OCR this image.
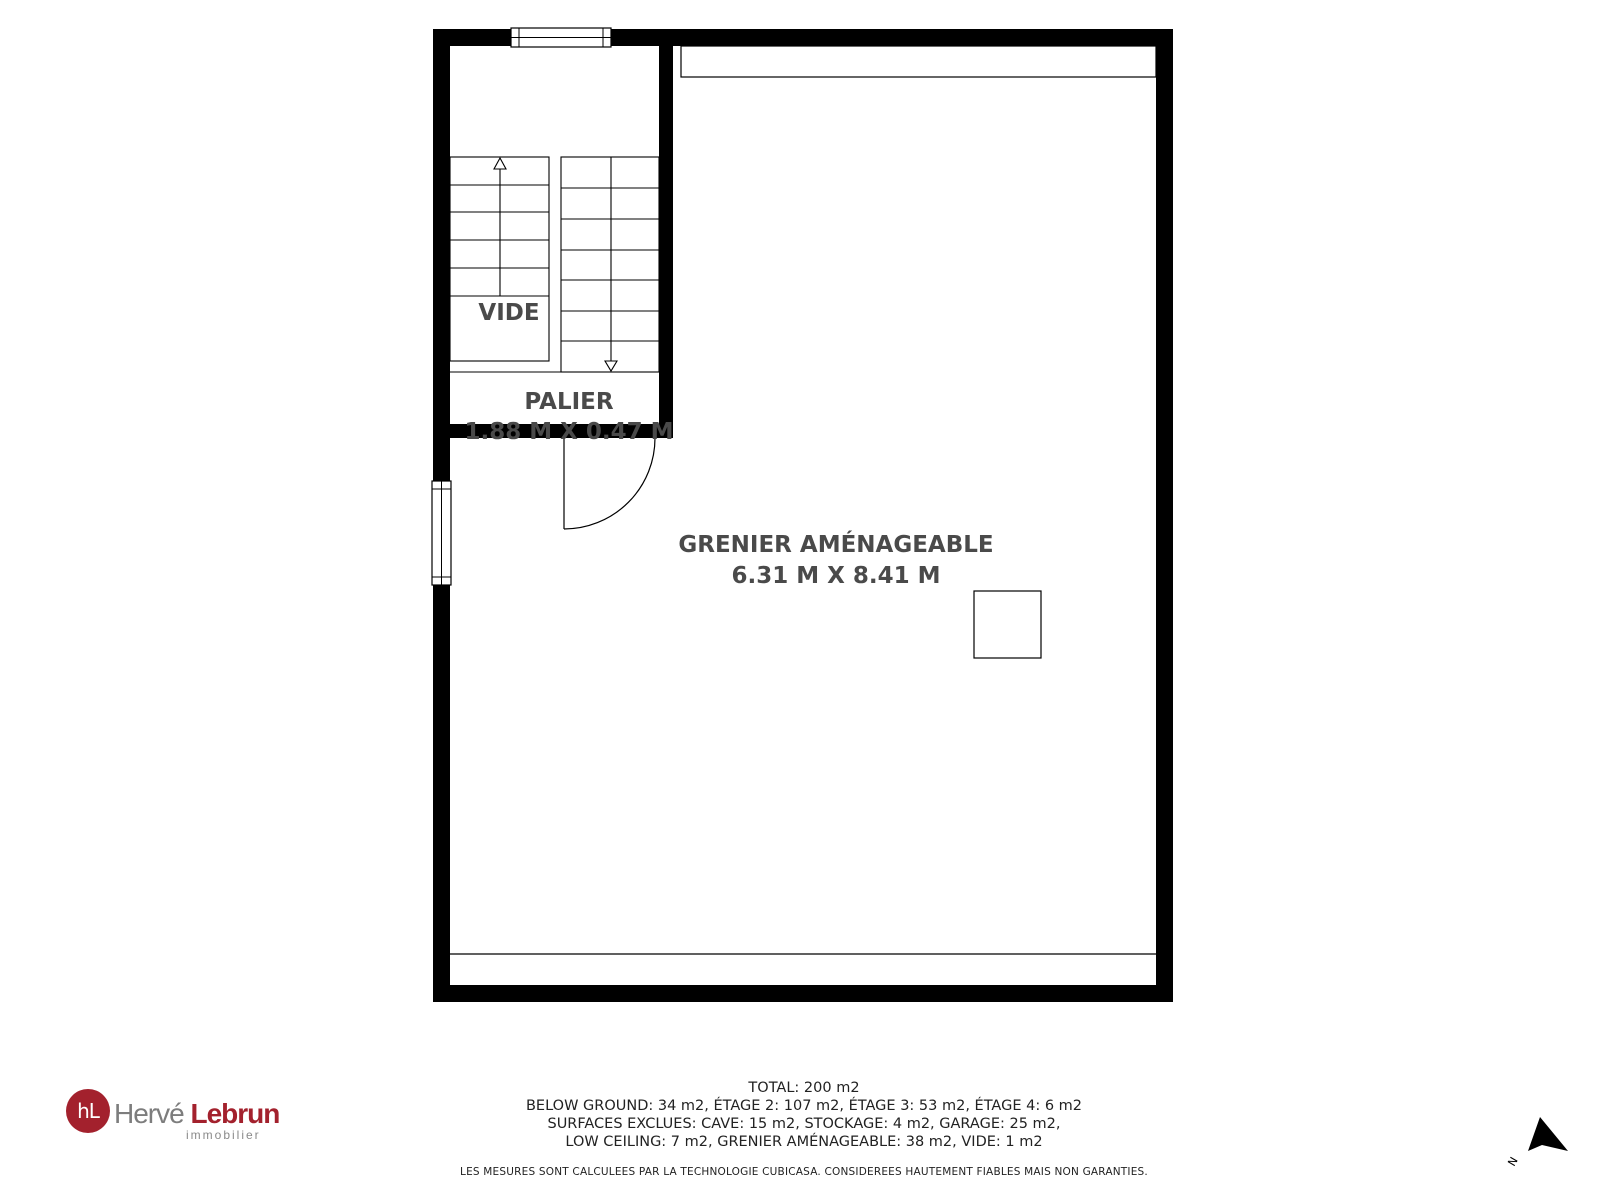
VIDE
PALIER
1.88 M X 0.47 M
GRENIER AMÉNAGEABLE
6.31 M X 8.41 M
TOTAL: 200 m2
BELOW GROUND: 34 m2, ÉTAGE 2: 107 m2, ÉTAGE 3: 53 m2, ÉTAGE 4: 6 m2
SURFACES EXCLUES: CAVE: 15 m2, STOCKAGE: 4 m2, GARAGE: 25 m2,
LOW CEILING: 7 m2, GRENIER AMÉNAGEABLE: 38 m2, VIDE: 1 m2
LES MESURES SONT CALCULEES PAR LA TECHNOLOGIE CUBICASA. CONSIDEREES HAUTEMENT FIABLES MAIS NON GARANTIES.
hL Hervé Lebrun
immobilier
N
